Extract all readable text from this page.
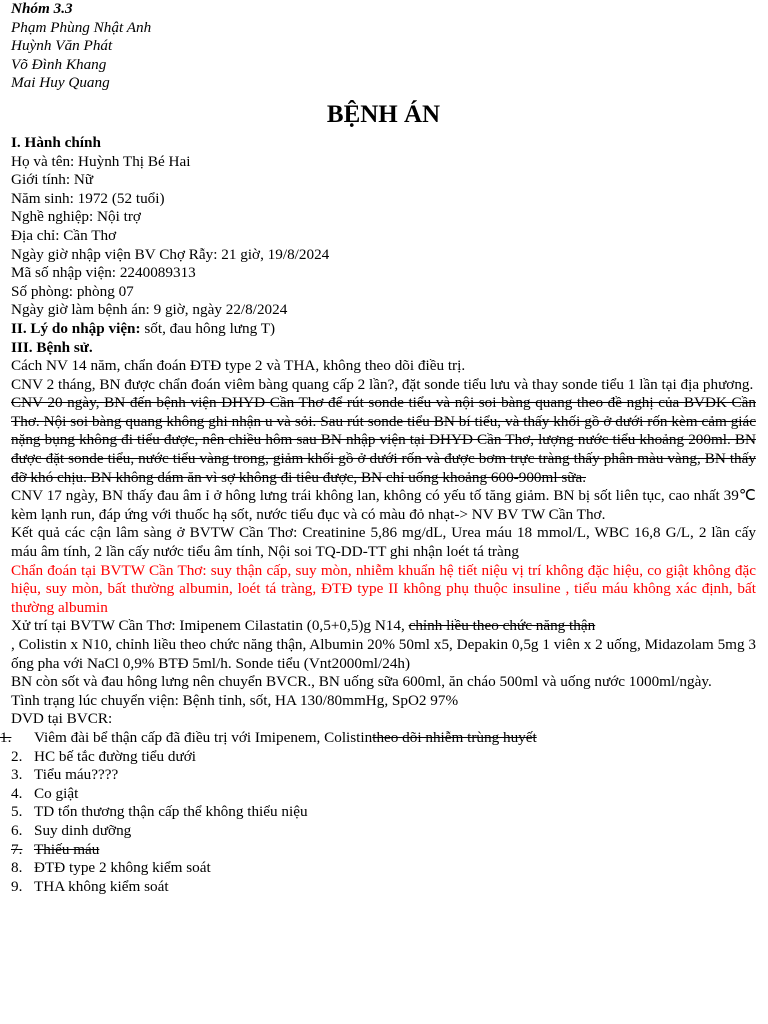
Nhóm 3.3
Phạm Phùng Nhật Anh
Huỳnh Văn Phát
Võ Đình Khang
Mai Huy Quang
BỆNH ÁN
I. Hành chính
Họ và tên: Huỳnh Thị Bé Hai
Giới tính: Nữ
Năm sinh: 1972 (52 tuổi)
Nghề nghiệp: Nội trợ
Địa chỉ: Cần Thơ
Ngày giờ nhập viện BV Chợ Rẫy: 21 giờ, 19/8/2024
Mã số nhập viện: 2240089313
Số phòng: phòng 07
Ngày giờ làm bệnh án: 9 giờ, ngày 22/8/2024
II. Lý do nhập viện: sốt, đau hông lưng T)
III. Bệnh sử.
Cách NV 14 năm, chẩn đoán ĐTĐ type 2 và THA, không theo dõi điều trị.
CNV 2 tháng, BN được chẩn đoán viêm bàng quang cấp 2 lần?, đặt sonde tiểu lưu và thay sonde tiểu 1 lần tại địa phương.
CNV 20 ngày, BN đến bệnh viện ĐHYD Cần Thơ để rút sonde tiểu và nội soi bàng quang theo đề nghị của BVĐK Cần Thơ. Nội soi bàng quang không ghi nhận u và sỏi. Sau rút sonde tiểu BN bí tiểu, và thấy khối gồ ở dưới rốn kèm cảm giác nặng bụng không đi tiểu được, nên chiều hôm sau BN nhập viện tại ĐHYD Cần Thơ, lượng nước tiểu khoảng 200ml. BN được đặt sonde tiểu, nước tiểu vàng trong, giảm khối gồ ở dưới rốn và được bơm trực tràng thấy phân màu vàng, BN thấy đỡ khó chịu. BN không dám ăn vì sợ không đi tiêu được, BN chỉ uống khoảng 600-900ml sữa.
CNV 17 ngày, BN thấy đau âm ỉ ở hông lưng trái không lan, không có yếu tố tăng giảm. BN bị sốt liên tục, cao nhất 39℃ kèm lạnh run, đáp ứng với thuốc hạ sốt, nước tiểu đục và có màu đỏ nhạt-> NV BV TW Cần Thơ.
Kết quả các cận lâm sàng ở BVTW Cần Thơ: Creatinine 5,86 mg/dL, Urea máu 18 mmol/L, WBC 16,8 G/L, 2 lần cấy máu âm tính, 2 lần cấy nước tiểu âm tính, Nội soi TQ-DD-TT ghi nhận loét tá tràng
Chẩn đoán tại BVTW Cần Thơ: suy thận cấp, suy mòn, nhiễm khuẩn hệ tiết niệu vị trí không đặc hiệu, co giật không đặc hiệu, suy mòn, bất thường albumin, loét tá tràng, ĐTĐ type II không phụ thuộc insuline , tiểu máu không xác định, bất thường albumin
Xử trí tại BVTW Cần Thơ: Imipenem Cilastatin (0,5+0,5)g N14, chỉnh liều theo chức năng thận
, Colistin x N10, chỉnh liều theo chức năng thận, Albumin 20% 50ml x5, Depakin 0,5g 1 viên x 2 uống, Midazolam 5mg 3 ống pha với NaCl 0,9% BTĐ 5ml/h. Sonde tiểu (Vnt2000ml/24h)
BN còn sốt và đau hông lưng nên chuyển BVCR., BN uống sữa 600ml, ăn cháo 500ml và uống nước 1000ml/ngày.
Tình trạng lúc chuyển viện: Bệnh tỉnh, sốt, HA 130/80mmHg, SpO2 97%
DVD tại BVCR:
1.	Viêm đài bể thận cấp đã điều trị với Imipenem, Colistin theo dõi nhiễm trùng huyết
2. HC bế tắc đường tiểu dưới
3. Tiểu máu????
4. Co giật
5. TD tổn thương thận cấp thể không thiểu niệu
6. Suy dinh dưỡng
7. Thiếu máu
8. ĐTĐ type 2 không kiểm soát
9. THA không kiểm soát
